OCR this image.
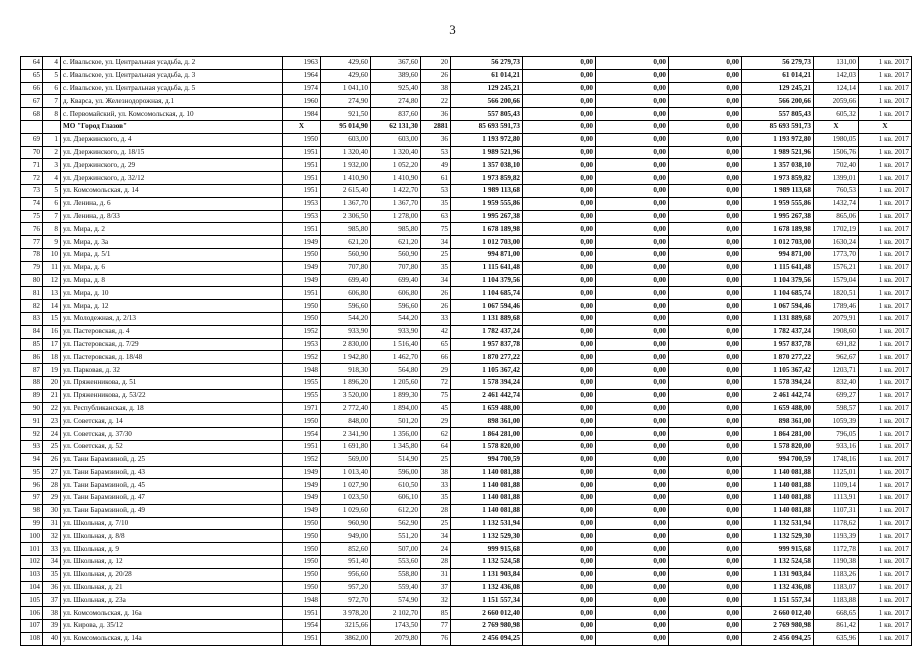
3
64	4	с. Ивальское, ул. Центральная усадьба, д. 2	1963	429,60	367,60	20	56 279,73	0,00	0,00	0,00	56 279,73	131,00	1 кв. 2017
65	5	с. Ивальское, ул. Центральная усадьба, д. 3	1964	429,60	389,60	26	61 014,21	0,00	0,00	0,00	61 014,21	142,03	1 кв. 2017
66	6	с. Ивальское, ул. Центральная усадьба, д. 5	1974	1 041,10	925,40	38	129 245,21	0,00	0,00	0,00	129 245,21	124,14	1 кв. 2017
67	7	д. Кварса, ул. Железнодорожная, д.1	1960	274,90	274,80	22	566 200,66	0,00	0,00	0,00	566 200,66	2059,66	1 кв. 2017
68	8	с. Первомайский, ул. Комсомольская, д. 10	1984	921,50	837,60	36	557 805,43	0,00	0,00	0,00	557 805,43	605,32	1 кв. 2017
		МО "Город Глазов"	X	95 014,90	62 131,30	2881	85 693 591,73	0,00	0,00	0,00	85 693 591,73	X	X
69	1	ул. Дзержинского, д. 4	1950	603,00	603,00	36	1 193 972,80	0,00	0,00	0,00	1 193 972,80	1980,05	1 кв. 2017
70	2	ул. Дзержинского, д. 18/15	1951	1 320,40	1 320,40	53	1 989 521,96	0,00	0,00	0,00	1 989 521,96	1506,76	1 кв. 2017
71	3	ул. Дзержинского, д. 29	1951	1 932,00	1 052,20	49	1 357 038,10	0,00	0,00	0,00	1 357 038,10	702,40	1 кв. 2017
72	4	ул. Дзержинского, д. 32/12	1951	1 410,90	1 410,90	61	1 973 859,82	0,00	0,00	0,00	1 973 859,82	1399,01	1 кв. 2017
73	5	ул. Комсомольская, д. 14	1951	2 615,40	1 422,70	53	1 989 113,68	0,00	0,00	0,00	1 989 113,68	760,53	1 кв. 2017
74	6	ул. Ленина, д. 6	1953	1 367,70	1 367,70	35	1 959 555,86	0,00	0,00	0,00	1 959 555,86	1432,74	1 кв. 2017
75	7	ул. Ленина, д. 8/33	1953	2 306,50	1 278,00	63	1 995 267,38	0,00	0,00	0,00	1 995 267,38	865,06	1 кв. 2017
76	8	ул. Мира, д. 2	1951	985,80	985,80	75	1 678 189,98	0,00	0,00	0,00	1 678 189,98	1702,19	1 кв. 2017
77	9	ул. Мира, д. 3а	1949	621,20	621,20	34	1 012 703,00	0,00	0,00	0,00	1 012 703,00	1630,24	1 кв. 2017
78	10	ул. Мира, д. 5/1	1950	560,90	560,90	25	994 871,00	0,00	0,00	0,00	994 871,00	1773,70	1 кв. 2017
79	11	ул. Мира, д. 6	1949	707,80	707,80	35	1 115 641,48	0,00	0,00	0,00	1 115 641,48	1576,21	1 кв. 2017
80	12	ул. Мира, д. 8	1949	699,40	699,40	34	1 104 379,56	0,00	0,00	0,00	1 104 379,56	1579,04	1 кв. 2017
81	13	ул. Мира, д. 10	1951	606,80	606,80	26	1 104 685,74	0,00	0,00	0,00	1 104 685,74	1820,51	1 кв. 2017
82	14	ул. Мира, д. 12	1950	596,60	596,60	26	1 067 594,46	0,00	0,00	0,00	1 067 594,46	1789,46	1 кв. 2017
83	15	ул. Молодежная, д. 2/13	1950	544,20	544,20	33	1 131 889,68	0,00	0,00	0,00	1 131 889,68	2079,91	1 кв. 2017
84	16	ул. Пастеровская, д. 4	1952	933,90	933,90	42	1 782 437,24	0,00	0,00	0,00	1 782 437,24	1908,60	1 кв. 2017
85	17	ул. Пастеровская, д. 7/29	1953	2 830,00	1 516,40	65	1 957 837,78	0,00	0,00	0,00	1 957 837,78	691,82	1 кв. 2017
86	18	ул. Пастеровская, д. 18/48	1952	1 942,80	1 462,70	66	1 870 277,22	0,00	0,00	0,00	1 870 277,22	962,67	1 кв. 2017
87	19	ул. Парковая, д. 32	1948	918,30	564,80	29	1 105 367,42	0,00	0,00	0,00	1 105 367,42	1203,71	1 кв. 2017
88	20	ул. Пряженникова, д. 51	1955	1 896,20	1 205,60	72	1 578 394,24	0,00	0,00	0,00	1 578 394,24	832,40	1 кв. 2017
89	21	ул. Пряженникова, д. 53/22	1955	3 520,00	1 899,30	75	2 461 442,74	0,00	0,00	0,00	2 461 442,74	699,27	1 кв. 2017
90	22	ул. Республиканская, д. 18	1971	2 772,40	1 894,00	45	1 659 488,00	0,00	0,00	0,00	1 659 488,00	598,57	1 кв. 2017
91	23	ул. Советская, д. 14	1950	848,00	501,20	29	898 361,00	0,00	0,00	0,00	898 361,00	1059,39	1 кв. 2017
92	24	ул. Советская, д. 37/30	1954	2 341,90	1 356,00	62	1 864 281,00	0,00	0,00	0,00	1 864 281,00	796,05	1 кв. 2017
93	25	ул. Советская, д. 52	1951	1 691,80	1 345,80	64	1 578 820,00	0,00	0,00	0,00	1 578 820,00	933,16	1 кв. 2017
94	26	ул. Тани Барамзиной, д. 25	1952	569,00	514,90	25	994 700,59	0,00	0,00	0,00	994 700,59	1748,16	1 кв. 2017
95	27	ул. Тани Барамзиной, д. 43	1949	1 013,40	596,00	38	1 140 081,88	0,00	0,00	0,00	1 140 081,88	1125,01	1 кв. 2017
96	28	ул. Тани Барамзиной, д. 45	1949	1 027,90	610,50	33	1 140 081,88	0,00	0,00	0,00	1 140 081,88	1109,14	1 кв. 2017
97	29	ул. Тани Барамзиной, д. 47	1949	1 023,50	606,10	35	1 140 081,88	0,00	0,00	0,00	1 140 081,88	1113,91	1 кв. 2017
98	30	ул. Тани Барамзиной, д. 49	1949	1 029,60	612,20	28	1 140 081,88	0,00	0,00	0,00	1 140 081,88	1107,31	1 кв. 2017
99	31	ул. Школьная, д. 7/10	1950	960,90	562,90	25	1 132 531,94	0,00	0,00	0,00	1 132 531,94	1178,62	1 кв. 2017
100	32	ул. Школьная, д. 8/8	1950	949,00	551,20	34	1 132 529,30	0,00	0,00	0,00	1 132 529,30	1193,39	1 кв. 2017
101	33	ул. Школьная, д. 9	1950	852,60	507,00	24	999 915,68	0,00	0,00	0,00	999 915,68	1172,78	1 кв. 2017
102	34	ул. Школьная, д. 12	1950	951,40	553,60	28	1 132 524,58	0,00	0,00	0,00	1 132 524,58	1190,38	1 кв. 2017
103	35	ул. Школьная, д. 20/28	1950	956,60	558,80	31	1 131 903,84	0,00	0,00	0,00	1 131 903,84	1183,26	1 кв. 2017
104	36	ул. Школьная, д. 21	1950	957,20	559,40	37	1 132 436,08	0,00	0,00	0,00	1 132 436,08	1183,07	1 кв. 2017
105	37	ул. Школьная, д. 23а	1948	972,70	574,90	32	1 151 557,34	0,00	0,00	0,00	1 151 557,34	1183,88	1 кв. 2017
106	38	ул. Комсомольская, д. 16а	1951	3 978,20	2 102,70	85	2 660 012,40	0,00	0,00	0,00	2 660 012,40	668,65	1 кв. 2017
107	39	ул. Кирова, д. 35/12	1954	3215,66	1743,50	77	2 769 980,98	0,00	0,00	0,00	2 769 980,98	861,42	1 кв. 2017
108	40	ул. Комсомольская, д. 14а	1951	3862,00	2079,80	76	2 456 094,25	0,00	0,00	0,00	2 456 094,25	635,96	1 кв. 2017
